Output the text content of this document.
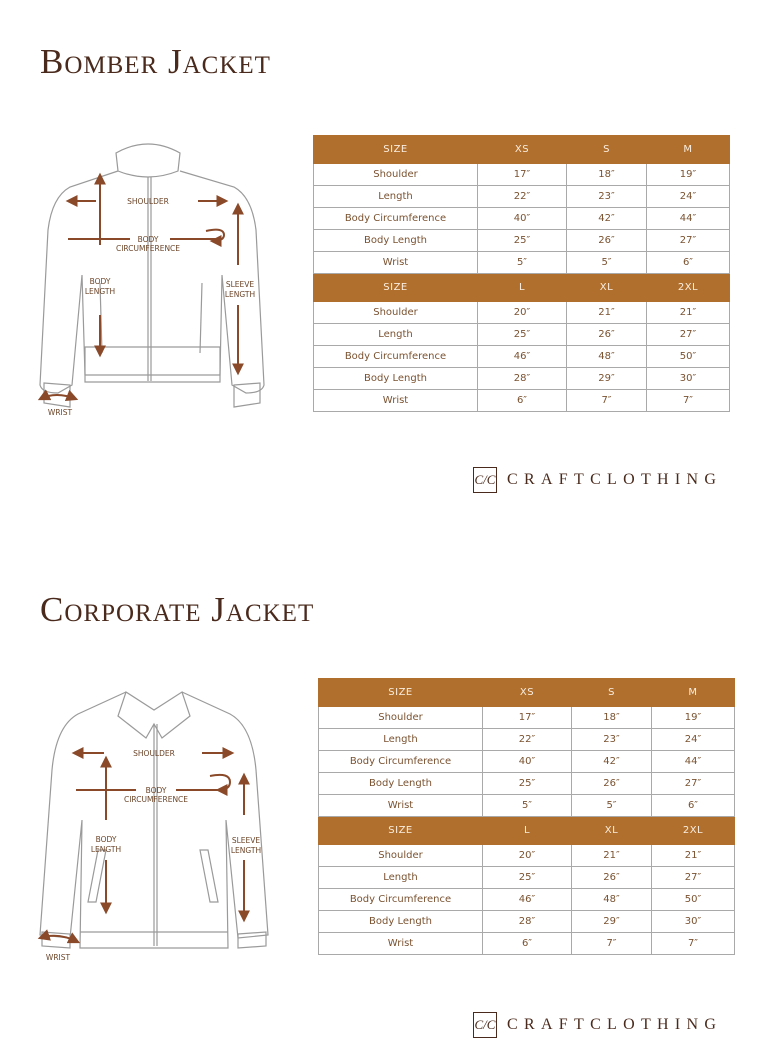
Bomber Jacket
SHOULDER
BODY
CIRCUMFERENCE
BODY
LENGTH
SLEEVE
LENGTH
WRIST
SIZE	XS	S	M
Shoulder	17″	18″	19″
Length	22″	23″	24″
Body Circumference	40″	42″	44″
Body Length	25″	26″	27″
Wrist	5″	5″	6″
SIZE	L	XL	2XL
Shoulder	20″	21″	21″
Length	25″	26″	27″
Body Circumference	46″	48″	50″
Body Length	28″	29″	30″
Wrist	6″	7″	7″
C/C CRAFTCLOTHING
Corporate Jacket
SHOULDER
BODY
CIRCUMFERENCE
BODY
LENGTH
SLEEVE
LENGTH
WRIST
SIZE	XS	S	M
Shoulder	17″	18″	19″
Length	22″	23″	24″
Body Circumference	40″	42″	44″
Body Length	25″	26″	27″
Wrist	5″	5″	6″
SIZE	L	XL	2XL
Shoulder	20″	21″	21″
Length	25″	26″	27″
Body Circumference	46″	48″	50″
Body Length	28″	29″	30″
Wrist	6″	7″	7″
C/C CRAFTCLOTHING
